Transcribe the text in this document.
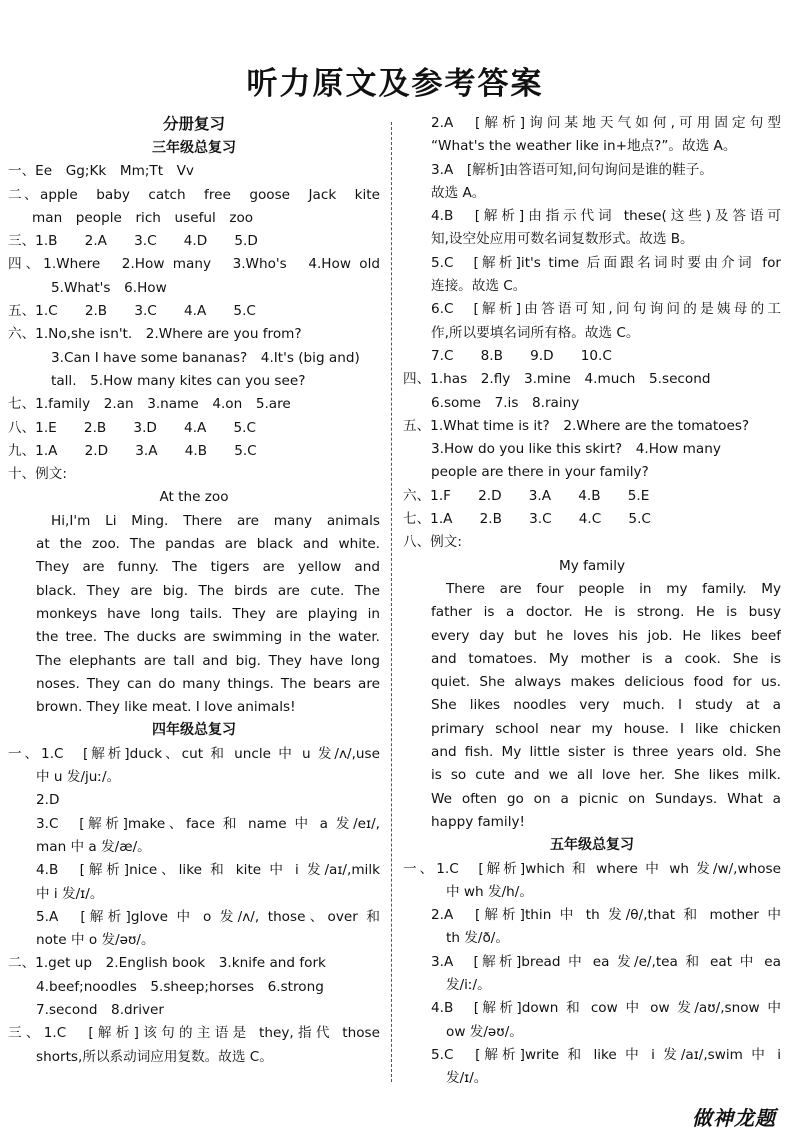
听力原文及参考答案
分册复习
三年级总复习
一、Ee　Gg;Kk　Mm;Tt　Vv
二、apple　baby　catch　free　goose　Jack　kite
man　people　rich　useful　zoo
三、1.B　　2.A　　3.C　　4.D　　5.D
四、1.Where　2.How many　3.Who's　4.How old
5.What's　6.How
五、1.C　　2.B　　3.C　　4.A　　5.C
六、1.No,she isn't.　2.Where are you from?
3.Can I have some bananas?　4.It's (big and)
tall.　5.How many kites can you see?
七、1.family　2.an　3.name　4.on　5.are
八、1.E　　2.B　　3.D　　4.A　　5.C
九、1.A　　2.D　　3.A　　4.B　　5.C
十、例文:
At the zoo
Hi,I'm Li Ming. There are many animals
at the zoo. The pandas are black and white.
They are funny. The tigers are yellow and
black. They are big. The birds are cute. The
monkeys have long tails. They are playing in
the tree. The ducks are swimming in the water.
The elephants are tall and big. They have long
noses. They can do many things. The bears are
brown. They like meat. I love animals!
四年级总复习
一、1.C　[解析]duck、cut 和 uncle 中 u 发/ʌ/,use
中 u 发/juː/。
2.D
3.C　[解析]make、face 和 name 中 a 发/eɪ/,
man 中 a 发/æ/。
4.B　[解析]nice、like 和 kite 中 i 发/aɪ/,milk
中 i 发/ɪ/。
5.A　[解析]glove 中 o 发/ʌ/, those、over 和
note 中 o 发/əʊ/。
二、1.get up　2.English book　3.knife and fork
4.beef;noodles　5.sheep;horses　6.strong
7.second　8.driver
三、1.C　[解析]该句的主语是 they,指代 those
shorts,所以系动词应用复数。故选 C。
2.A　[解析]询问某地天气如何,可用固定句型
“What's the weather like in+地点?”。故选 A。
3.A　[解析]由答语可知,问句询问是谁的鞋子。
故选 A。
4.B　[解析]由指示代词 these(这些)及答语可
知,设空处应用可数名词复数形式。故选 B。
5.C　[解析]it's time 后面跟名词时要由介词 for
连接。故选 C。
6.C　[解析]由答语可知,问句询问的是姨母的工
作,所以要填名词所有格。故选 C。
7.C　　8.B　　9.D　　10.C
四、1.has　2.fly　3.mine　4.much　5.second
6.some　7.is　8.rainy
五、1.What time is it?　2.Where are the tomatoes?
3.How do you like this skirt?　4.How many
people are there in your family?
六、1.F　　2.D　　3.A　　4.B　　5.E
七、1.A　　2.B　　3.C　　4.C　　5.C
八、例文:
My family
There are four people in my family. My
father is a doctor. He is strong. He is busy
every day but he loves his job. He likes beef
and tomatoes. My mother is a cook. She is
quiet. She always makes delicious food for us.
She likes noodles very much. I study at a
primary school near my house. I like chicken
and fish. My little sister is three years old. She
is so cute and we all love her. She likes milk.
We often go on a picnic on Sundays. What a
happy family!
五年级总复习
一、1.C　[解析]which 和 where 中 wh 发/w/,whose
中 wh 发/h/。
2.A　[解析]thin 中 th 发/θ/,that 和 mother 中
th 发/ð/。
3.A　[解析]bread 中 ea 发/e/,tea 和 eat 中 ea
发/iː/。
4.B　[解析]down 和 cow 中 ow 发/aʊ/,snow 中
ow 发/əʊ/。
5.C　[解析]write 和 like 中 i 发/aɪ/,swim 中 i
发/ɪ/。
做神龙题
